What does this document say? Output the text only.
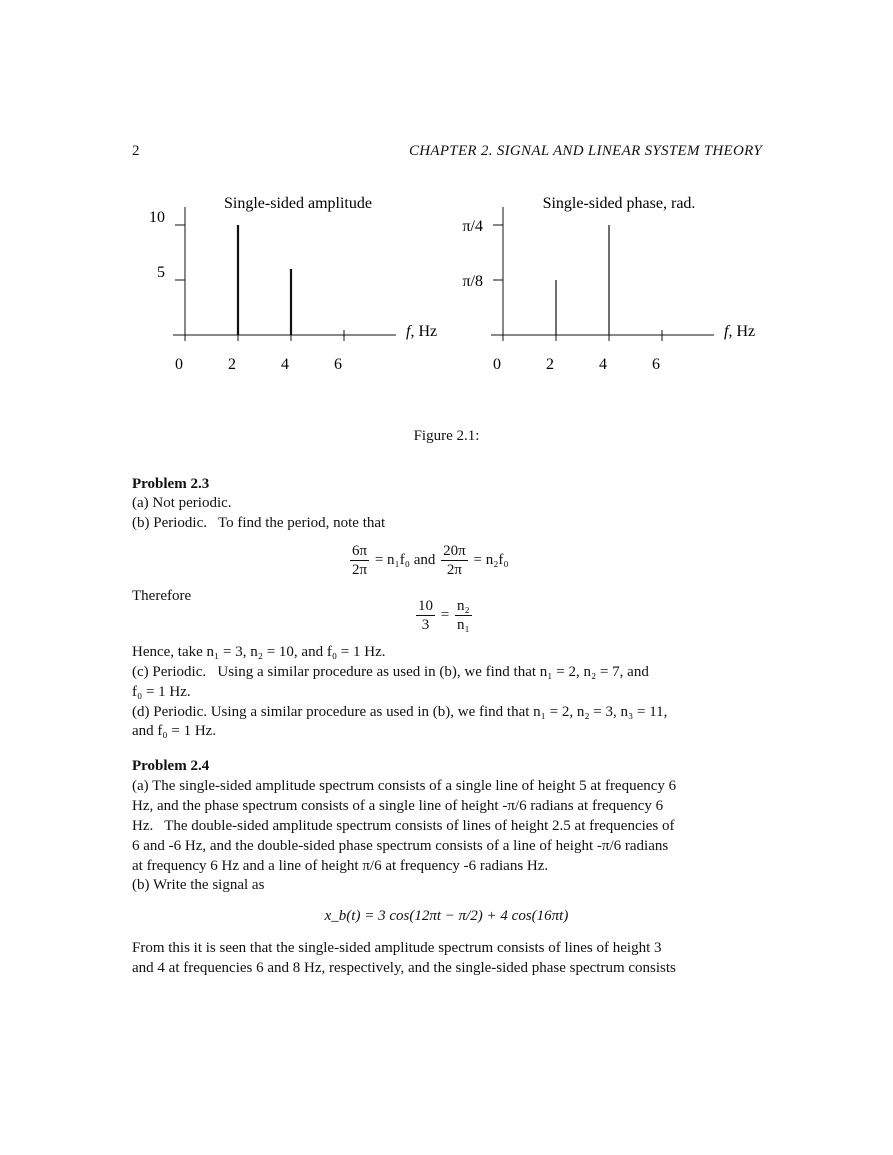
2	CHAPTER 2. SIGNAL AND LINEAR SYSTEM THEORY
Single-sided amplitude
f, Hz
0	2	4	6
5
10
Single-sided phase, rad.
f, Hz
0	2	4	6
π/8
π/4
Figure 2.1:
Problem 2.3
(a) Not periodic.
(b) Periodic.   To find the period, note that
$\frac{6\pi}{2\pi} = n_1f_0$ and $\frac{20\pi}{2\pi} = n_2f_0$
Therefore
$\frac{10}{3} = \frac{\text{n₂}}{\text{n₁}}$
Hence, take n₁ = 3, n₂ = 10, and f₀ = 1 Hz.
(c) Periodic.   Using a similar procedure as used in (b), we find that n₁ = 2, n₂ = 7, and
f₀ = 1 Hz.
(d) Periodic. Using a similar procedure as used in (b), we find that n₁ = 2, n₂ = 3, n₃ = 11,
and f₀ = 1 Hz.
Problem 2.4
(a) The single-sided amplitude spectrum consists of a single line of height 5 at frequency 6
Hz, and the phase spectrum consists of a single line of height -π/6 radians at frequency 6
Hz.   The double-sided amplitude spectrum consists of lines of height 2.5 at frequencies of
6 and -6 Hz, and the double-sided phase spectrum consists of a line of height -π/6 radians
at frequency 6 Hz and a line of height π/6 at frequency -6 radians Hz.
(b) Write the signal as
x_b(t) = 3 cos(12πt − π/2) + 4 cos(16πt)
From this it is seen that the single-sided amplitude spectrum consists of lines of height 3
and 4 at frequencies 6 and 8 Hz, respectively, and the single-sided phase spectrum consists
